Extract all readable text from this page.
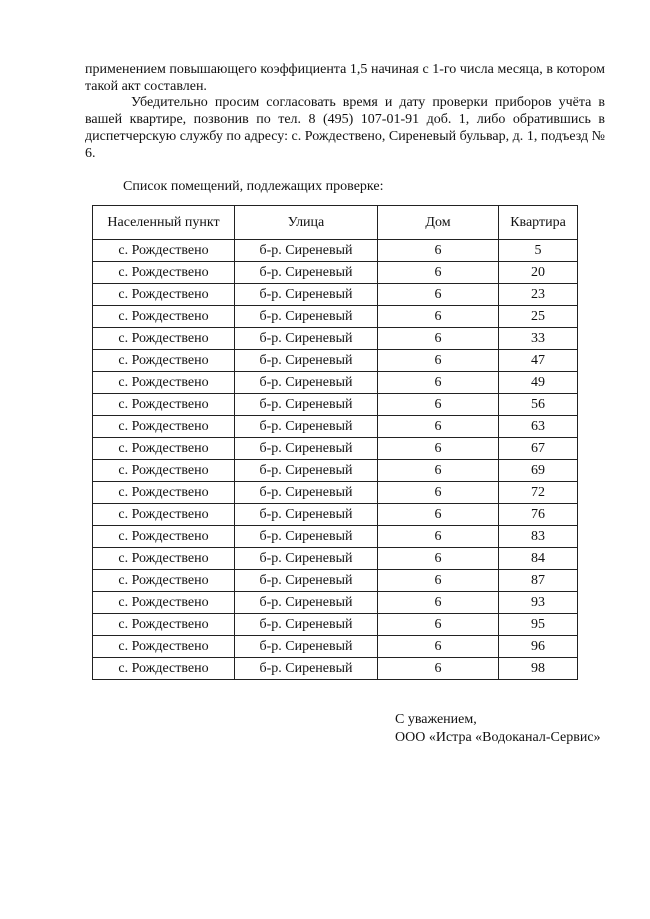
применением повышающего коэффициента 1,5 начиная с 1-го числа месяца, в котором такой акт составлен.
Убедительно просим согласовать время и дату проверки приборов учёта в вашей квартире, позвонив по тел. 8 (495) 107-01-91 доб. 1, либо обратившись в диспетчерскую службу по адресу: с. Рождествено, Сиреневый бульвар, д. 1, подъезд № 6.
Список помещений, подлежащих проверке:
Населенный пункт	Улица	Дом	Квартира
с. Рождествено	б-р. Сиреневый	6	5
с. Рождествено	б-р. Сиреневый	6	20
с. Рождествено	б-р. Сиреневый	6	23
с. Рождествено	б-р. Сиреневый	6	25
с. Рождествено	б-р. Сиреневый	6	33
с. Рождествено	б-р. Сиреневый	6	47
с. Рождествено	б-р. Сиреневый	6	49
с. Рождествено	б-р. Сиреневый	6	56
с. Рождествено	б-р. Сиреневый	6	63
с. Рождествено	б-р. Сиреневый	6	67
с. Рождествено	б-р. Сиреневый	6	69
с. Рождествено	б-р. Сиреневый	6	72
с. Рождествено	б-р. Сиреневый	6	76
с. Рождествено	б-р. Сиреневый	6	83
с. Рождествено	б-р. Сиреневый	6	84
с. Рождествено	б-р. Сиреневый	6	87
с. Рождествено	б-р. Сиреневый	6	93
с. Рождествено	б-р. Сиреневый	6	95
с. Рождествено	б-р. Сиреневый	6	96
с. Рождествено	б-р. Сиреневый	6	98
С уважением,
ООО «Истра «Водоканал-Сервис»
